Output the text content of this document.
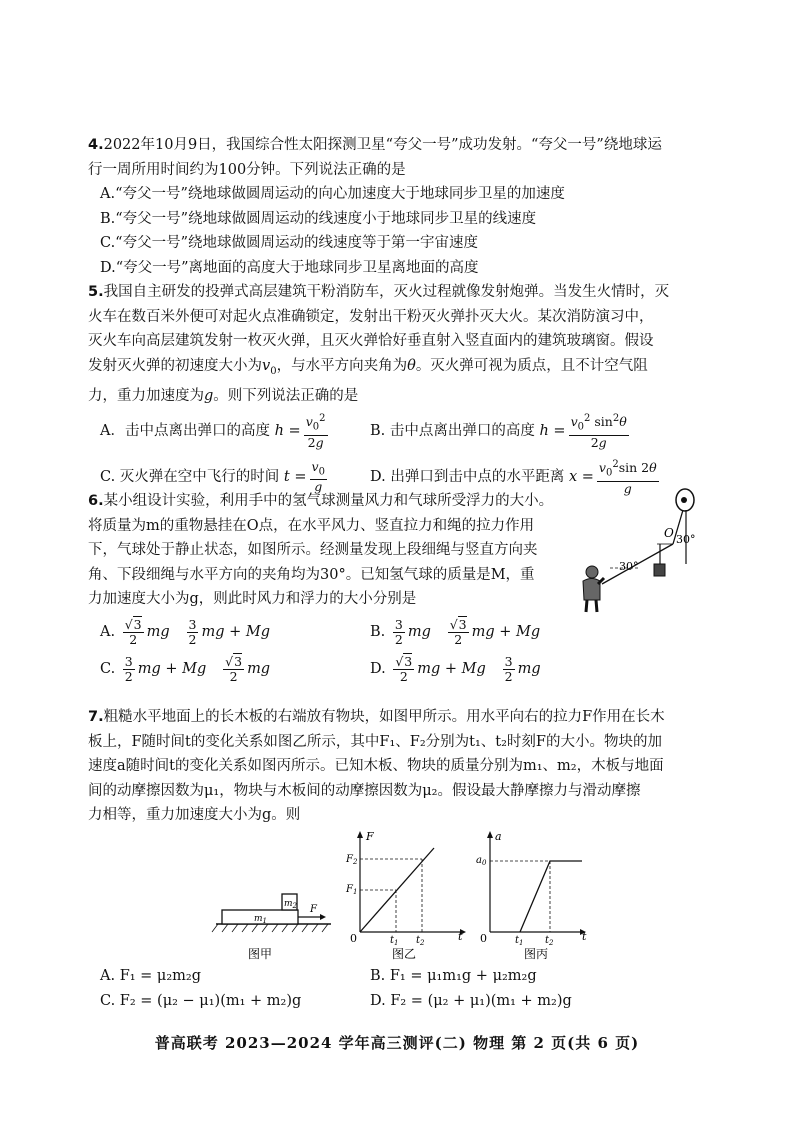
4.2022年10月9日，我国综合性太阳探测卫星“夸父一号”成功发射。“夸父一号”绕地球运

行一周所用时间约为100分钟。下列说法正确的是

A.“夸父一号”绕地球做圆周运动的向心加速度大于地球同步卫星的加速度

B.“夸父一号”绕地球做圆周运动的线速度小于地球同步卫星的线速度

C.“夸父一号”绕地球做圆周运动的线速度等于第一宇宙速度

D.“夸父一号”离地面的高度大于地球同步卫星离地面的高度

5.我国自主研发的投弹式高层建筑干粉消防车，灭火过程就像发射炮弹。当发生火情时，灭

火车在数百米外便可对起火点准确锁定，发射出干粉灭火弹扑灭大火。某次消防演习中，

灭火车向高层建筑发射一枚灭火弹，且灭火弹恰好垂直射入竖直面内的建筑玻璃窗。假设

发射灭火弹的初速度大小为$v_0$，与水平方向夹角为θ。灭火弹可视为质点，且不计空气阻

力，重力加速度为g。则下列说法正确的是

A．击中点离出弹口的高度
$h = \frac{v_0^2}{2g}$	B. 击中点离出弹口的高度
$h = \frac{v_0^2 \sin^2\theta}{2g}$
C. 灭火弹在空中飞行的时间
$t = \frac{v_0}{g}$	D. 出弹口到击中点的水平距离
$x = \frac{v_0^2\sin 2\theta}{g}$

6.某小组设计实验，利用手中的氢气球测量风力和气球所受浮力的大小。

将质量为m的重物悬挂在O点，在水平风力、竖直拉力和绳的拉力作用

下，气球处于静止状态，如图所示。经测量发现上段细绳与竖直方向夹

角、下段细绳与水平方向的夹角均为30°。已知氢气球的质量是M，重

力加速度大小为g，则此时风力和浮力的大小分别是

A. $\frac{√3}{2}$ mg
$\frac{3}{2}$ mg + Mg	B. $\frac{3}{2}$ mg
$\frac{√3}{2}$ mg + Mg
C. $\frac{3}{2}$ mg + Mg
$\frac{√3}{2}$ mg	D. $\frac{√3}{2}$ mg + Mg
$\frac{3}{2}$ mg
O 30°
30°

7.粗糙水平地面上的长木板的右端放有物块，如图甲所示。用水平向右的拉力F作用在长木

板上，F随时间t的变化关系如图乙所示，其中F₁、F₂分别为t₁、t₂时刻F的大小。物块的加

速度a随时间t的变化关系如图丙所示。已知木板、物块的质量分别为m₁、m₂，木板与地面

间的动摩擦因数为μ₁，物块与木板间的动摩擦因数为μ₂。假设最大静摩擦力与滑动摩擦

力相等，重力加速度大小为g。则

$m_1$
$m_2$ F
图甲
F
$F_2$
$F_1$
0	$t_1$ $t_2$	t
图乙
a
$a_0$
0	$t_1$ $t_2$	t
图丙
A. F₁ = μ₂m₂g	B. F₁ = μ₁m₁g + μ₂m₂g
C. F₂ = (μ₂ − μ₁)(m₁ + m₂)g	D. F₂ = (μ₂ + μ₁)(m₁ + m₂)g
普高联考 2023—2024 学年高三测评(二) 物理 第 2 页(共 6 页)
